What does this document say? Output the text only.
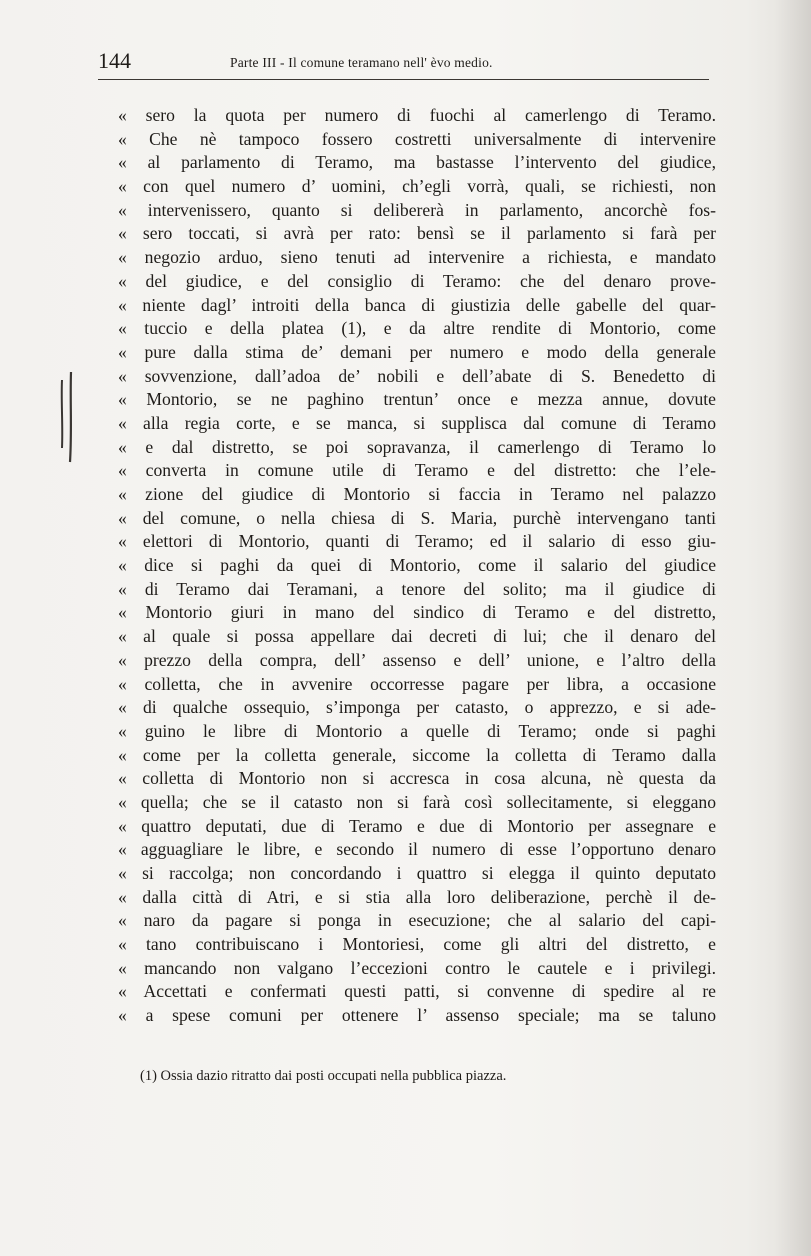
144	Parte III - Il comune teramano nell' èvo medio.
« sero la quota per numero di fuochi al camerlengo di Teramo.
« Che nè tampoco fossero costretti universalmente di intervenire
« al parlamento di Teramo, ma bastasse l’intervento del giudice,
« con quel numero d’ uomini, ch’egli vorrà, quali, se richiesti, non
« intervenissero, quanto si delibererà in parlamento, ancorchè fos-
« sero toccati, si avrà per rato: bensì se il parlamento si farà per
« negozio arduo, sieno tenuti ad intervenire a richiesta, e mandato
« del giudice, e del consiglio di Teramo: che del denaro prove-
« niente dagl’ introiti della banca di giustizia delle gabelle del quar-
« tuccio e della platea (1), e da altre rendite di Montorio, come
« pure dalla stima de’ demani per numero e modo della generale
« sovvenzione, dall’adoa de’ nobili e dell’abate di S. Benedetto di
« Montorio, se ne paghino trentun’ once e mezza annue, dovute
« alla regia corte, e se manca, si supplisca dal comune di Teramo
« e dal distretto, se poi sopravanza, il camerlengo di Teramo lo
« converta in comune utile di Teramo e del distretto: che l’ele-
« zione del giudice di Montorio si faccia in Teramo nel palazzo
« del comune, o nella chiesa di S. Maria, purchè intervengano tanti
« elettori di Montorio, quanti di Teramo; ed il salario di esso giu-
« dice si paghi da quei di Montorio, come il salario del giudice
« di Teramo dai Teramani, a tenore del solito; ma il giudice di
« Montorio giuri in mano del sindico di Teramo e del distretto,
« al quale si possa appellare dai decreti di lui; che il denaro del
« prezzo della compra, dell’ assenso e dell’ unione, e l’altro della
« colletta, che in avvenire occorresse pagare per libra, a occasione
« di qualche ossequio, s’imponga per catasto, o apprezzo, e si ade-
« guino le libre di Montorio a quelle di Teramo; onde si paghi
« come per la colletta generale, siccome la colletta di Teramo dalla
« colletta di Montorio non si accresca in cosa alcuna, nè questa da
« quella; che se il catasto non si farà così sollecitamente, si eleggano
« quattro deputati, due di Teramo e due di Montorio per assegnare e
« agguagliare le libre, e secondo il numero di esse l’opportuno denaro
« si raccolga; non concordando i quattro si elegga il quinto deputato
« dalla città di Atri, e si stia alla loro deliberazione, perchè il de-
« naro da pagare si ponga in esecuzione; che al salario del capi-
« tano contribuiscano i Montoriesi, come gli altri del distretto, e
« mancando non valgano l’eccezioni contro le cautele e i privilegi.
« Accettati e confermati questi patti, si convenne di spedire al re
« a spese comuni per ottenere l’ assenso speciale; ma se taluno
(1) Ossia dazio ritratto dai posti occupati nella pubblica piazza.
